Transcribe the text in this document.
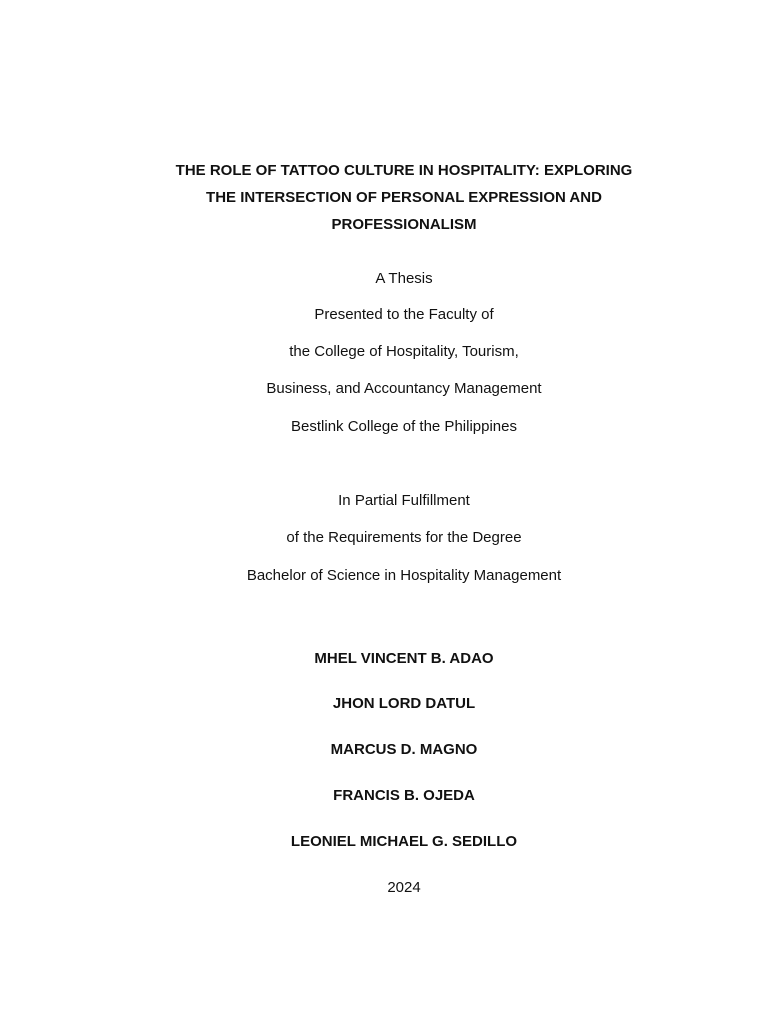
THE ROLE OF TATTOO CULTURE IN HOSPITALITY: EXPLORING

THE INTERSECTION OF PERSONAL EXPRESSION AND

PROFESSIONALISM

A Thesis

Presented to the Faculty of

the College of Hospitality, Tourism,

Business, and Accountancy Management

Bestlink College of the Philippines

In Partial Fulfillment

of the Requirements for the Degree

Bachelor of Science in Hospitality Management

MHEL VINCENT B. ADAO

JHON LORD DATUL

MARCUS D. MAGNO

FRANCIS B. OJEDA

LEONIEL MICHAEL G. SEDILLO

2024
